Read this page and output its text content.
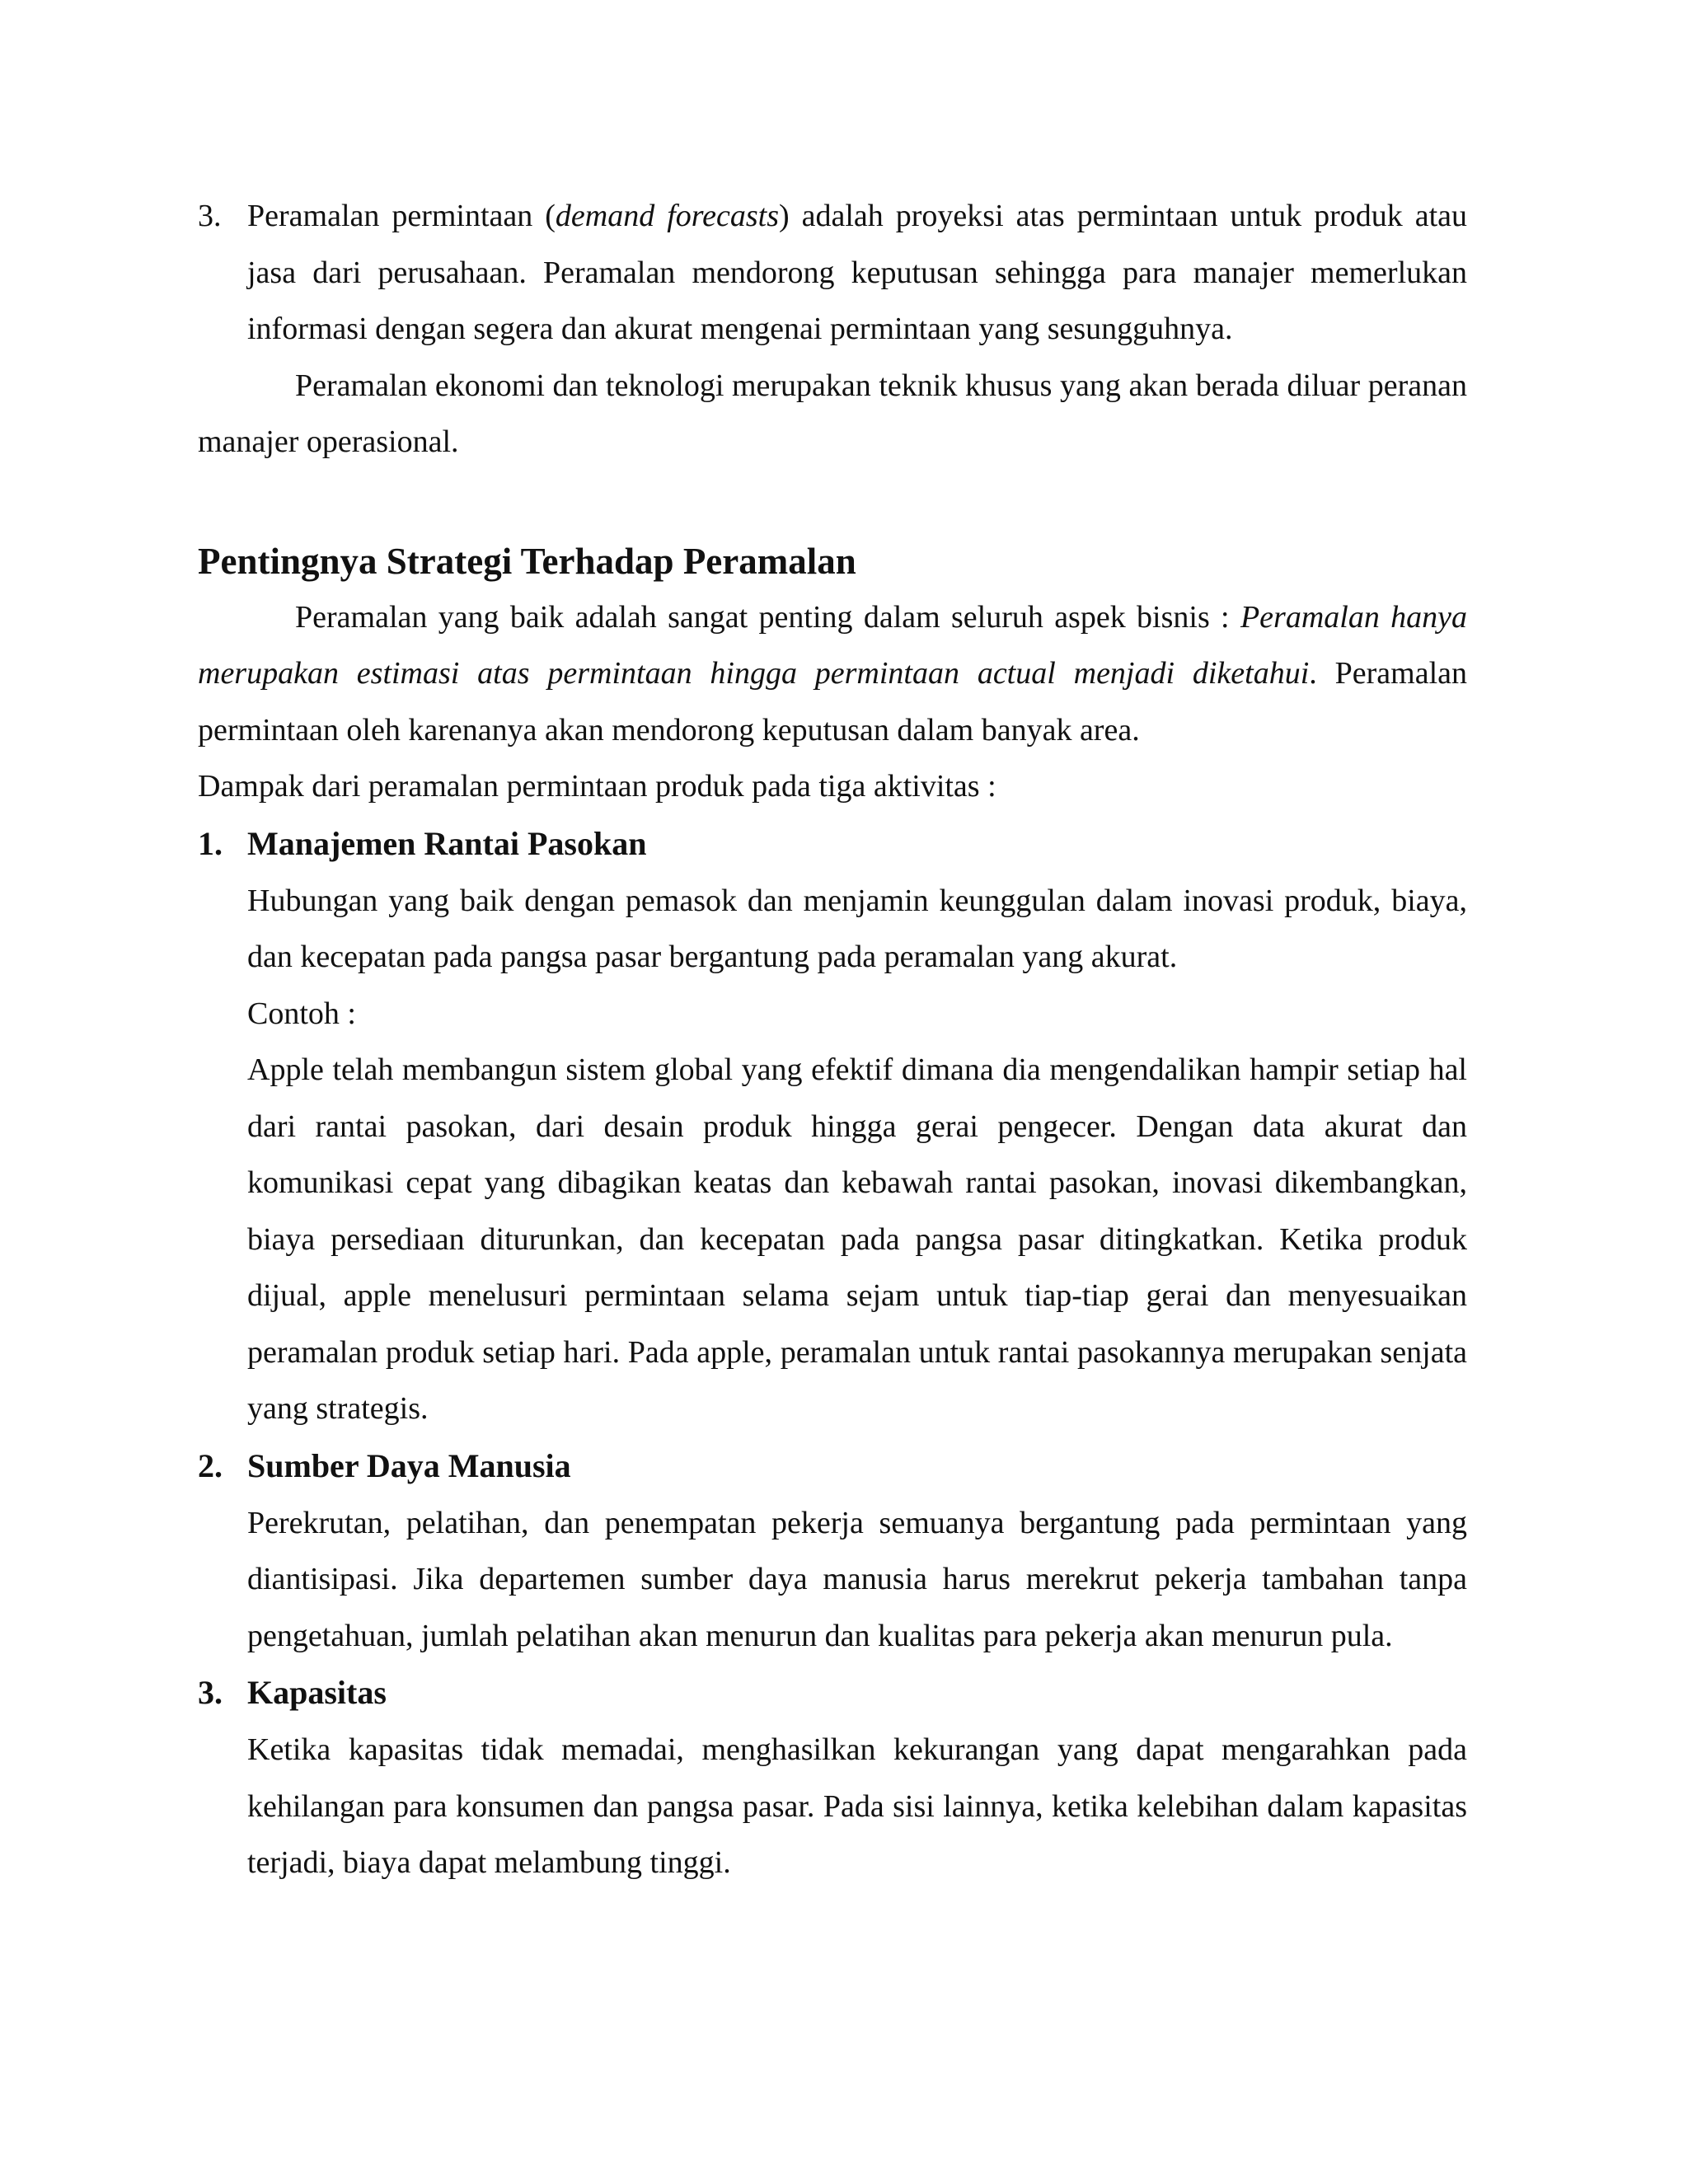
3. Peramalan permintaan (demand forecasts) adalah proyeksi atas permintaan untuk produk atau jasa dari perusahaan. Peramalan mendorong keputusan sehingga para manajer memerlukan informasi dengan segera dan akurat mengenai permintaan yang sesungguhnya.

Peramalan ekonomi dan teknologi merupakan teknik khusus yang akan berada diluar peranan manajer operasional.

Pentingnya Strategi Terhadap Peramalan

Peramalan yang baik adalah sangat penting dalam seluruh aspek bisnis : Peramalan hanya merupakan estimasi atas permintaan hingga permintaan actual menjadi diketahui. Peramalan permintaan oleh karenanya akan mendorong keputusan dalam banyak area.

Dampak dari peramalan permintaan produk pada tiga aktivitas :

1. Manajemen Rantai Pasokan

Hubungan yang baik dengan pemasok dan menjamin keunggulan dalam inovasi produk, biaya, dan kecepatan pada pangsa pasar bergantung pada peramalan yang akurat.

Contoh :

Apple telah membangun sistem global yang efektif dimana dia mengendalikan hampir setiap hal dari rantai pasokan, dari desain produk hingga gerai pengecer. Dengan data akurat dan komunikasi cepat yang dibagikan keatas dan kebawah rantai pasokan, inovasi dikembangkan, biaya persediaan diturunkan, dan kecepatan pada pangsa pasar ditingkatkan. Ketika produk dijual, apple menelusuri permintaan selama sejam untuk tiap-tiap gerai dan menyesuaikan peramalan produk setiap hari. Pada apple, peramalan untuk rantai pasokannya merupakan senjata yang strategis.

2. Sumber Daya Manusia

Perekrutan, pelatihan, dan penempatan pekerja semuanya bergantung pada permintaan yang diantisipasi. Jika departemen sumber daya manusia harus merekrut pekerja tambahan tanpa pengetahuan, jumlah pelatihan akan menurun dan kualitas para pekerja akan menurun pula.

3. Kapasitas

Ketika kapasitas tidak memadai, menghasilkan kekurangan yang dapat mengarahkan pada kehilangan para konsumen dan pangsa pasar. Pada sisi lainnya, ketika kelebihan dalam kapasitas terjadi, biaya dapat melambung tinggi.
